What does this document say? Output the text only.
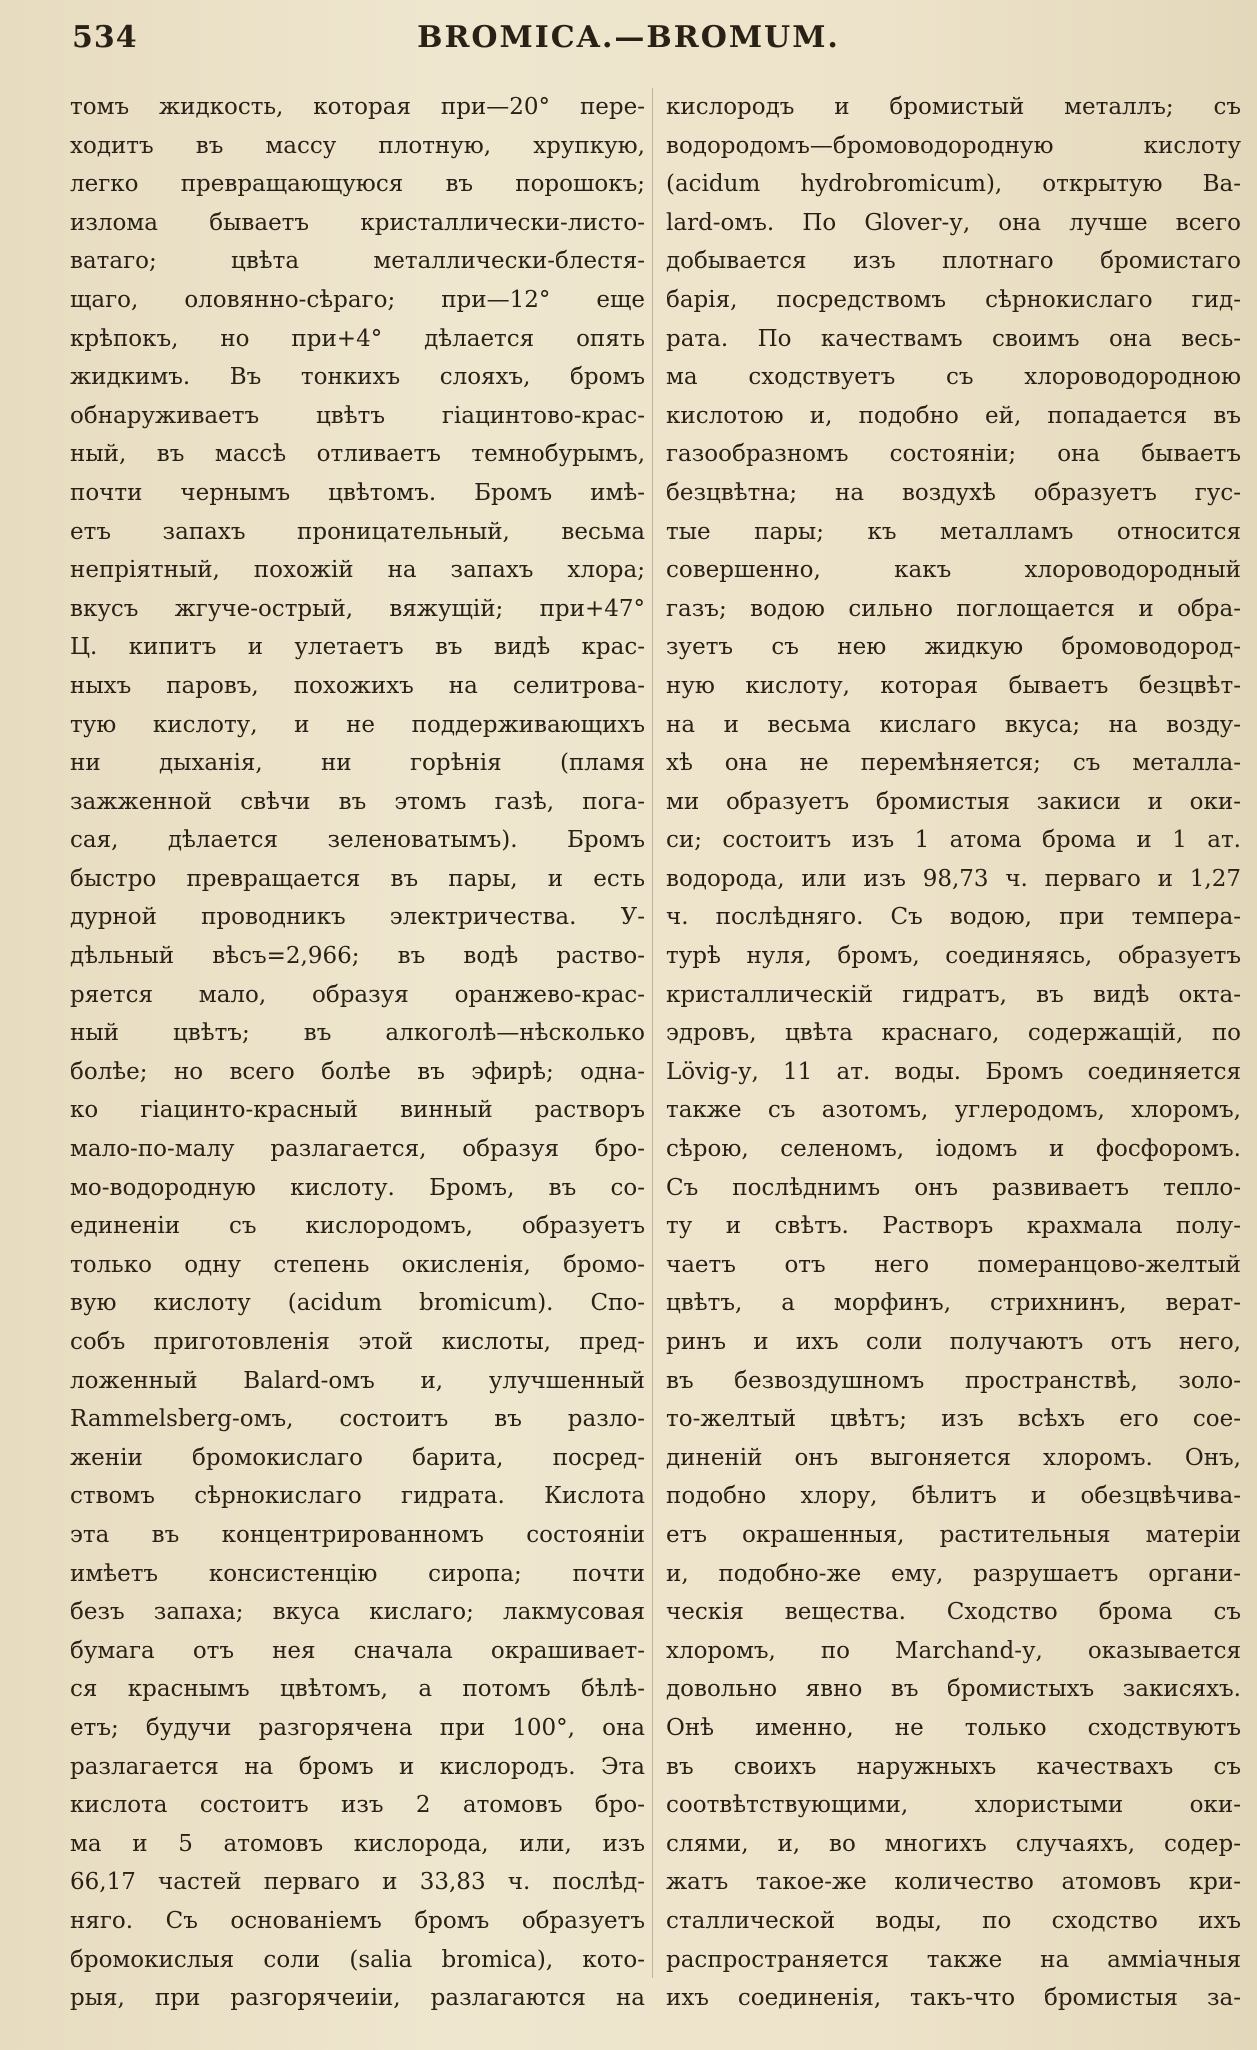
534	BROMICA.—BROMUM.
томъ жидкость, которая при—20° пере-
ходитъ въ массу плотную, хрупкую,
легко превращающуюся въ порошокъ;
излома бываетъ кристаллически-листо-
ватаго; цвѣта металлически-блестя-
щаго, оловянно-сѣраго; при—12° еще
крѣпокъ, но при+4° дѣлается опять
жидкимъ. Въ тонкихъ слояхъ, бромъ
обнаруживаетъ цвѣтъ гіацинтово-крас-
ный, въ массѣ отливаетъ темнобурымъ,
почти чернымъ цвѣтомъ. Бромъ имѣ-
етъ запахъ проницательный, весьма
непріятный, похожій на запахъ хлора;
вкусъ жгуче-острый, вяжущій; при+47°
Ц. кипитъ и улетаетъ въ видѣ крас-
ныхъ паровъ, похожихъ на селитрова-
тую кислоту, и не поддерживающихъ
ни дыханія, ни горѣнія (пламя
зажженной свѣчи въ этомъ газѣ, пога-
сая, дѣлается зеленоватымъ). Бромъ
быстро превращается въ пары, и есть
дурной проводникъ электричества. У-
дѣльный вѣсъ=2,966; въ водѣ раство-
ряется мало, образуя оранжево-крас-
ный цвѣтъ; въ алкоголѣ—нѣсколько
болѣе; но всего болѣе въ эфирѣ; одна-
ко гіацинто-красный винный растворъ
мало-по-малу разлагается, образуя бро-
мо-водородную кислоту. Бромъ, въ со-
единеніи съ кислородомъ, образуетъ
только одну степень окисленія, бромо-
вую кислоту (acidum bromicum). Спо-
собъ приготовленія этой кислоты, пред-
ложенный Balard-омъ и, улучшенный
Rammelsberg-омъ, состоитъ въ разло-
женіи бромокислаго барита, посред-
ствомъ сѣрнокислаго гидрата. Кислота
эта въ концентрированномъ состояніи
имѣетъ консистенцію сиропа; почти
безъ запаха; вкуса кислаго; лакмусовая
бумага отъ нея сначала окрашивает-
ся краснымъ цвѣтомъ, а потомъ бѣлѣ-
етъ; будучи разгорячена при 100°, она
разлагается на бромъ и кислородъ. Эта
кислота состоитъ изъ 2 атомовъ бро-
ма и 5 атомовъ кислорода, или, изъ
66,17 частей перваго и 33,83 ч. послѣд-
няго. Съ основаніемъ бромъ образуетъ
бромокислыя соли (salia bromica), кото-
рыя, при разгорячеиіи, разлагаются на
кислородъ и бромистый металлъ; съ
водородомъ—бромоводородную кислоту
(acidum hydrobromicum), открытую Ba-
lard-омъ. По Glover-у, она лучше всего
добывается изъ плотнаго бромистаго
барія, посредствомъ сѣрнокислаго гид-
рата. По качествамъ своимъ она весь-
ма сходствуетъ съ хлороводородною
кислотою и, подобно ей, попадается въ
газообразномъ состояніи; она бываетъ
безцвѣтна; на воздухѣ образуетъ гус-
тые пары; къ металламъ относится
совершенно, какъ хлороводородный
газъ; водою сильно поглощается и обра-
зуетъ съ нею жидкую бромоводород-
ную кислоту, которая бываетъ безцвѣт-
на и весьма кислаго вкуса; на возду-
хѣ она не перемѣняется; съ металла-
ми образуетъ бромистыя закиси и оки-
си; состоитъ изъ 1 атома брома и 1 ат.
водорода, или изъ 98,73 ч. перваго и 1,27
ч. послѣдняго. Съ водою, при темпера-
турѣ нуля, бромъ, соединяясь, образуетъ
кристаллическій гидратъ, въ видѣ окта-
эдровъ, цвѣта краснаго, содержащій, по
Lövig-у, 11 ат. воды. Бромъ соединяется
также съ азотомъ, углеродомъ, хлоромъ,
сѣрою, селеномъ, іодомъ и фосфоромъ.
Съ послѣднимъ онъ развиваетъ тепло-
ту и свѣтъ. Растворъ крахмала полу-
чаетъ отъ него померанцово-желтый
цвѣтъ, а морфинъ, стрихнинъ, верат-
ринъ и ихъ соли получаютъ отъ него,
въ безвоздушномъ пространствѣ, золо-
то-желтый цвѣтъ; изъ всѣхъ его сое-
диненій онъ выгоняется хлоромъ. Онъ,
подобно хлору, бѣлитъ и обезцвѣчива-
етъ окрашенныя, растительныя матеріи
и, подобно-же ему, разрушаетъ органи-
ческія вещества. Сходство брома съ
хлоромъ, по Marchand-у, оказывается
довольно явно въ бромистыхъ закисяхъ.
Онѣ именно, не только сходствуютъ
въ своихъ наружныхъ качествахъ съ
соотвѣтствующими, хлористыми оки-
слями, и, во многихъ случаяхъ, содер-
жатъ такое-же количество атомовъ кри-
сталлической воды, по сходство ихъ
распространяется также на аммiачныя
ихъ соединенія, такъ-что бромистыя за-
